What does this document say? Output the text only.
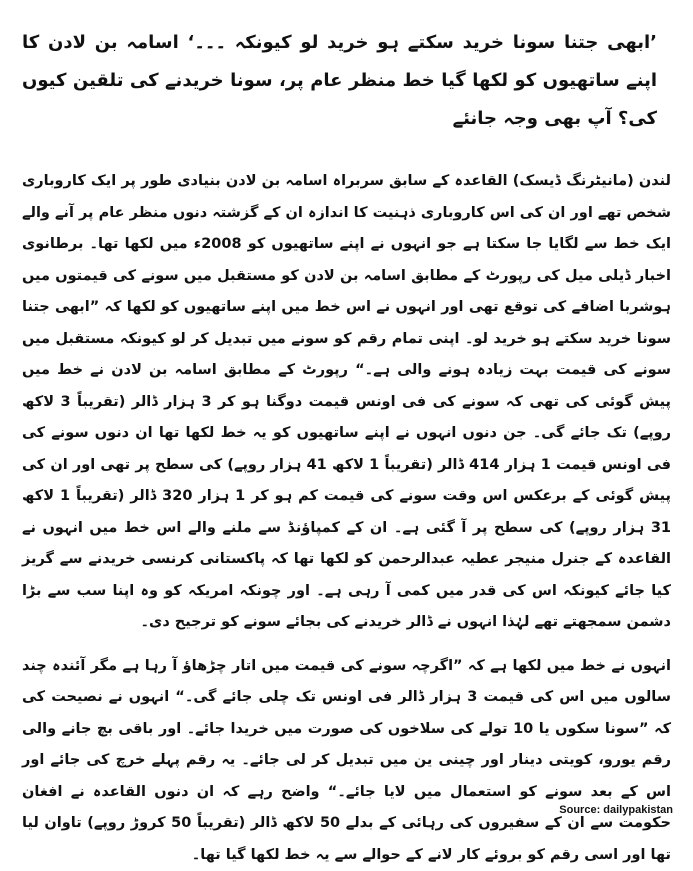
’ابھی جتنا سونا خرید سکتے ہو خرید لو کیونکہ ۔۔۔‘ اسامہ بن لادن کا اپنے ساتھیوں کو لکھا گیا خط منظر عام پر، سونا خریدنے کی تلقین کیوں کی؟ آپ بھی وجہ جانئے

لندن (مانیٹرنگ ڈیسک) القاعدہ کے سابق سربراہ اسامہ بن لادن بنیادی طور پر ایک کاروباری شخص تھے اور ان کی اس کاروباری ذہنیت کا اندازہ ان کے گزشتہ دنوں منظر عام پر آنے والے ایک خط سے لگایا جا سکتا ہے جو انہوں نے اپنے ساتھیوں کو 2008ء میں لکھا تھا۔ برطانوی اخبار ڈیلی میل کی رپورٹ کے مطابق اسامہ بن لادن کو مستقبل میں سونے کی قیمتوں میں ہوشربا اضافے کی توقع تھی اور انہوں نے اس خط میں اپنے ساتھیوں کو لکھا کہ ”ابھی جتنا سونا خرید سکتے ہو خرید لو۔ اپنی تمام رقم کو سونے میں تبدیل کر لو کیونکہ مستقبل میں سونے کی قیمت بہت زیادہ ہونے والی ہے۔“ رپورٹ کے مطابق اسامہ بن لادن نے خط میں پیش گوئی کی تھی کہ سونے کی فی اونس قیمت دوگنا ہو کر 3 ہزار ڈالر (تقریباً 3 لاکھ روپے) تک جائے گی۔ جن دنوں انہوں نے اپنے ساتھیوں کو یہ خط لکھا تھا ان دنوں سونے کی فی اونس قیمت 1 ہزار 414 ڈالر (تقریباً 1 لاکھ 41 ہزار روپے) کی سطح پر تھی اور ان کی پیش گوئی کے برعکس اس وقت سونے کی قیمت کم ہو کر 1 ہزار 320 ڈالر (تقریباً 1 لاکھ 31 ہزار روپے) کی سطح پر آ گئی ہے۔ ان کے کمپاؤنڈ سے ملنے والے اس خط میں انہوں نے القاعدہ کے جنرل منیجر عطیہ عبدالرحمن کو لکھا تھا کہ پاکستانی کرنسی خریدنے سے گریز کیا جائے کیونکہ اس کی قدر میں کمی آ رہی ہے۔ اور چونکہ امریکہ کو وہ اپنا سب سے بڑا دشمن سمجھتے تھے لہٰذا انہوں نے ڈالر خریدنے کی بجائے سونے کو ترجیح دی۔

انہوں نے خط میں لکھا ہے کہ ”اگرچہ سونے کی قیمت میں اتار چڑھاؤ آ رہا ہے مگر آئندہ چند سالوں میں اس کی قیمت 3 ہزار ڈالر فی اونس تک چلی جائے گی۔“ انہوں نے نصیحت کی کہ ”سونا سکوں یا 10 تولے کی سلاخوں کی صورت میں خریدا جائے۔ اور باقی بچ جانے والی رقم یورو، کویتی دینار اور چینی ین میں تبدیل کر لی جائے۔ یہ رقم پہلے خرچ کی جائے اور اس کے بعد سونے کو استعمال میں لایا جائے۔“ واضح رہے کہ ان دنوں القاعدہ نے افغان حکومت سے ان کے سفیروں کی رہائی کے بدلے 50 لاکھ ڈالر (تقریباً 50 کروڑ روپے) تاوان لیا تھا اور اسی رقم کو بروئے کار لانے کے حوالے سے یہ خط لکھا گیا تھا۔

Source: dailypakistan
